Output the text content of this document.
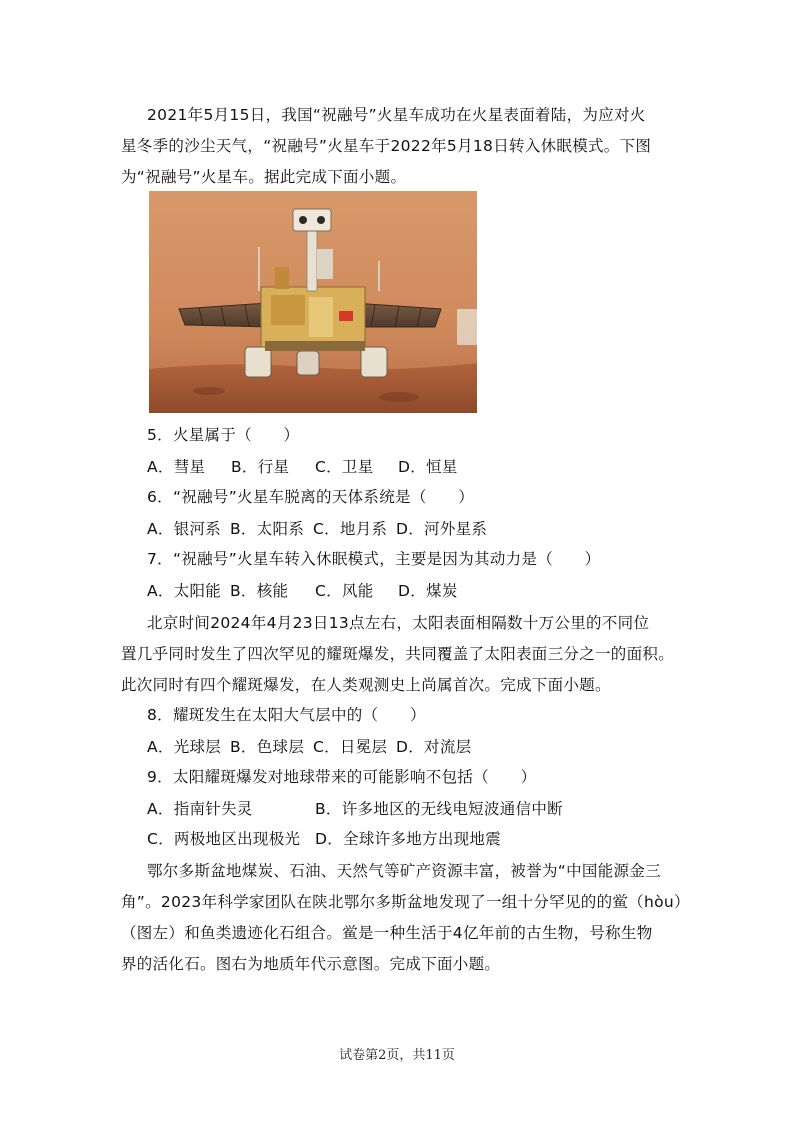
2021年5月15日，我国“祝融号”火星车成功在火星表面着陆，为应对火
星冬季的沙尘天气，“祝融号”火星车于2022年5月18日转入休眠模式。下图
为“祝融号”火星车。据此完成下面小题。
5．火星属于（　　）
A．彗星 B．行星 C．卫星 D．恒星
6．“祝融号”火星车脱离的天体系统是（　　）
A．银河系 B．太阳系 C．地月系 D．河外星系
7．“祝融号”火星车转入休眠模式，主要是因为其动力是（　　）
A．太阳能 B．核能 C．风能 D．煤炭
北京时间2024年4月23日13点左右，太阳表面相隔数十万公里的不同位
置几乎同时发生了四次罕见的耀斑爆发，共同覆盖了太阳表面三分之一的面积。
此次同时有四个耀斑爆发，在人类观测史上尚属首次。完成下面小题。
8．耀斑发生在太阳大气层中的（　　）
A．光球层 B．色球层 C．日冕层 D．对流层
9．太阳耀斑爆发对地球带来的可能影响不包括（　　）
A．指南针失灵	B．许多地区的无线电短波通信中断
C．两极地区出现极光 D．全球许多地方出现地震
鄂尔多斯盆地煤炭、石油、天然气等矿产资源丰富，被誉为“中国能源金三
角”。2023年科学家团队在陕北鄂尔多斯盆地发现了一组十分罕见的的鲎（hòu）
（图左）和鱼类遗迹化石组合。鲎是一种生活于4亿年前的古生物，号称生物
界的活化石。图右为地质年代示意图。完成下面小题。
试卷第2页，共11页
